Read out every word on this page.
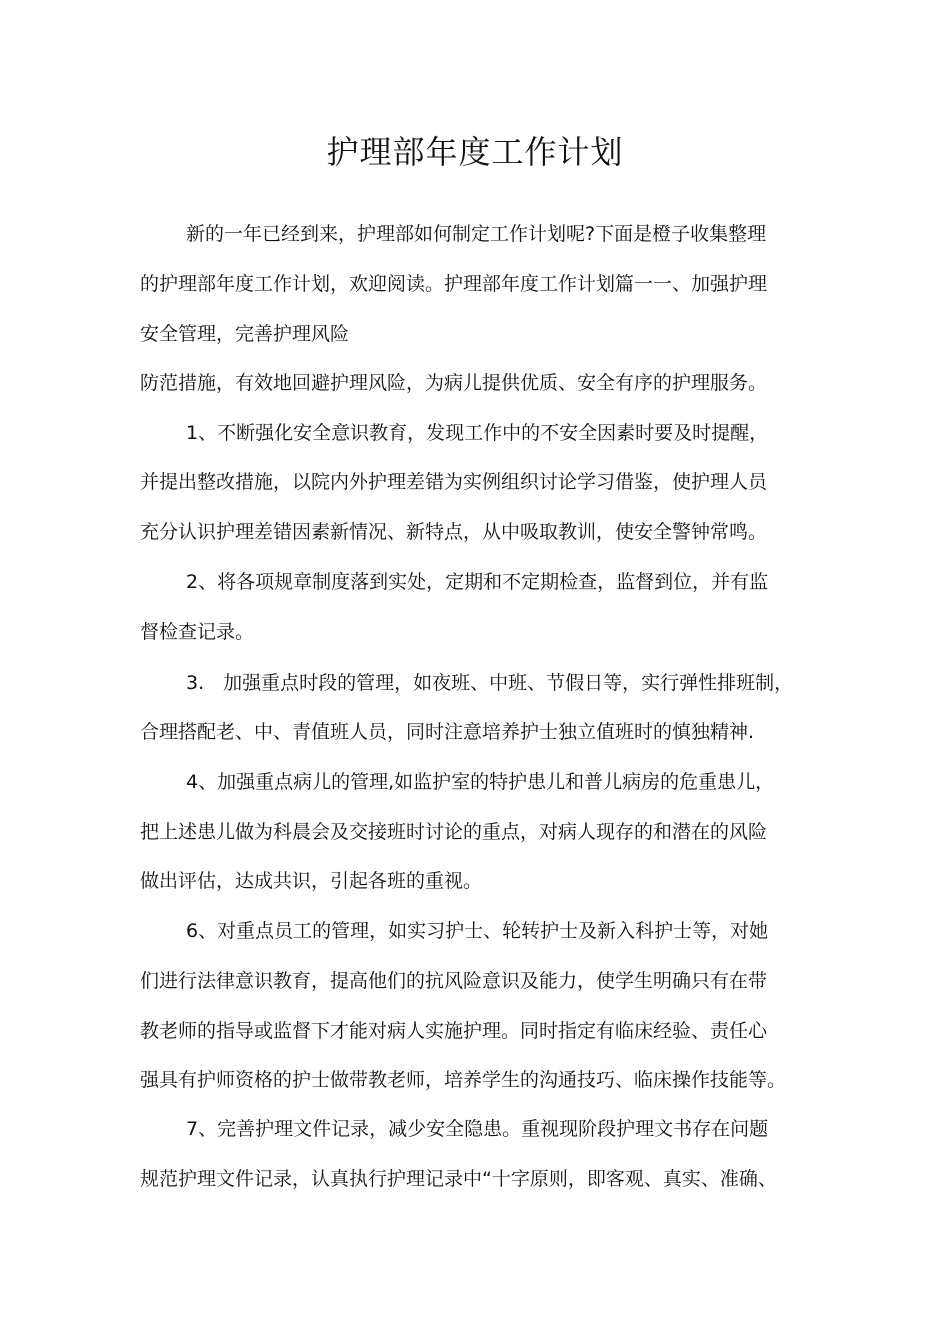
护理部年度工作计划
新的一年已经到来，护理部如何制定工作计划呢?下面是橙子收集整理
的护理部年度工作计划，欢迎阅读。护理部年度工作计划篇一一、加强护理
安全管理，完善护理风险
防范措施，有效地回避护理风险，为病儿提供优质、安全有序的护理服务。
1、不断强化安全意识教育，发现工作中的不安全因素时要及时提醒，
并提出整改措施，以院内外护理差错为实例组织讨论学习借鉴，使护理人员
充分认识护理差错因素新情况、新特点，从中吸取教训，使安全警钟常鸣。
2、将各项规章制度落到实处，定期和不定期检查，监督到位，并有监
督检查记录。
3.　加强重点时段的管理，如夜班、中班、节假日等，实行弹性排班制，
合理搭配老、中、青值班人员，同时注意培养护士独立值班时的慎独精神.
4、加强重点病儿的管理,如监护室的特护患儿和普儿病房的危重患儿，
把上述患儿做为科晨会及交接班时讨论的重点，对病人现存的和潜在的风险
做出评估，达成共识，引起各班的重视。
6、对重点员工的管理，如实习护士、轮转护士及新入科护士等，对她
们进行法律意识教育，提高他们的抗风险意识及能力，使学生明确只有在带
教老师的指导或监督下才能对病人实施护理。同时指定有临床经验、责任心
强具有护师资格的护士做带教老师，培养学生的沟通技巧、临床操作技能等。
7、完善护理文件记录，减少安全隐患。重视现阶段护理文书存在问题
规范护理文件记录，认真执行护理记录中“十字原则，即客观、真实、准确、
